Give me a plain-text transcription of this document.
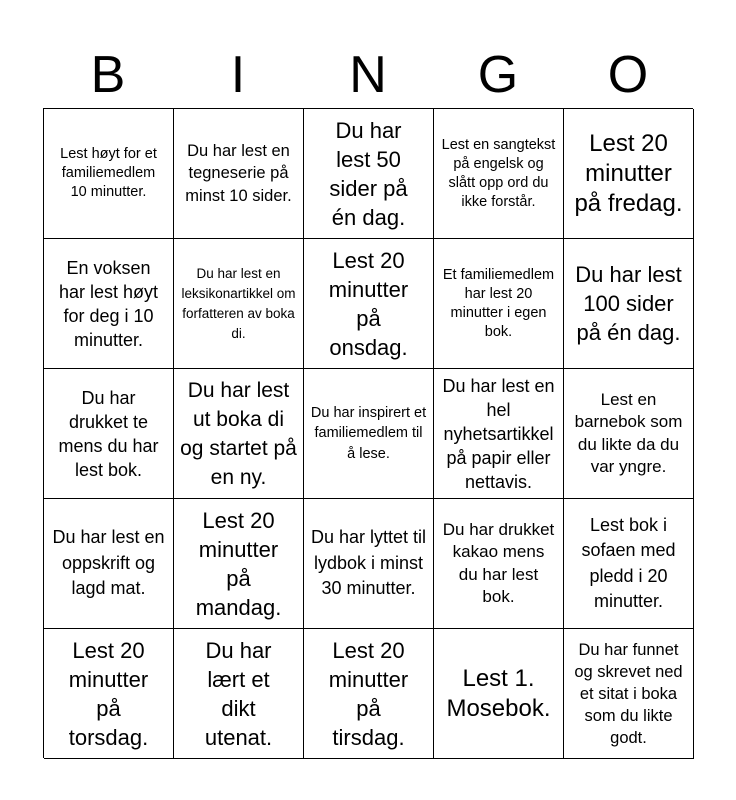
B	I	N	G	O
Lest høyt for et familiemedlem 10 minutter.
Du har lest en tegneserie på minst 10 sider.
Du har lest 50 sider på én dag.
Lest en sangtekst på engelsk og slått opp ord du ikke forstår.
Lest 20 minutter på fredag.
En voksen har lest høyt for deg i 10 minutter.
Du har lest en leksikonartikkel om forfatteren av boka di.
Lest 20 minutter på onsdag.
Et familiemedlem har lest 20 minutter i egen bok.
Du har lest 100 sider på én dag.
Du har drukket te mens du har lest bok.
Du har lest ut boka di og startet på en ny.
Du har inspirert et familiemedlem til å lese.
Du har lest en hel nyhetsartikkel på papir eller nettavis.
Lest en barnebok som du likte da du var yngre.
Du har lest en oppskrift og lagd mat.
Lest 20 minutter på mandag.
Du har lyttet til lydbok i minst 30 minutter.
Du har drukket kakao mens du har lest bok.
Lest bok i sofaen med pledd i 20 minutter.
Lest 20 minutter på torsdag.
Du har lært et dikt utenat.
Lest 20 minutter på tirsdag.
Lest 1. Mosebok.
Du har funnet og skrevet ned et sitat i boka som du likte godt.
